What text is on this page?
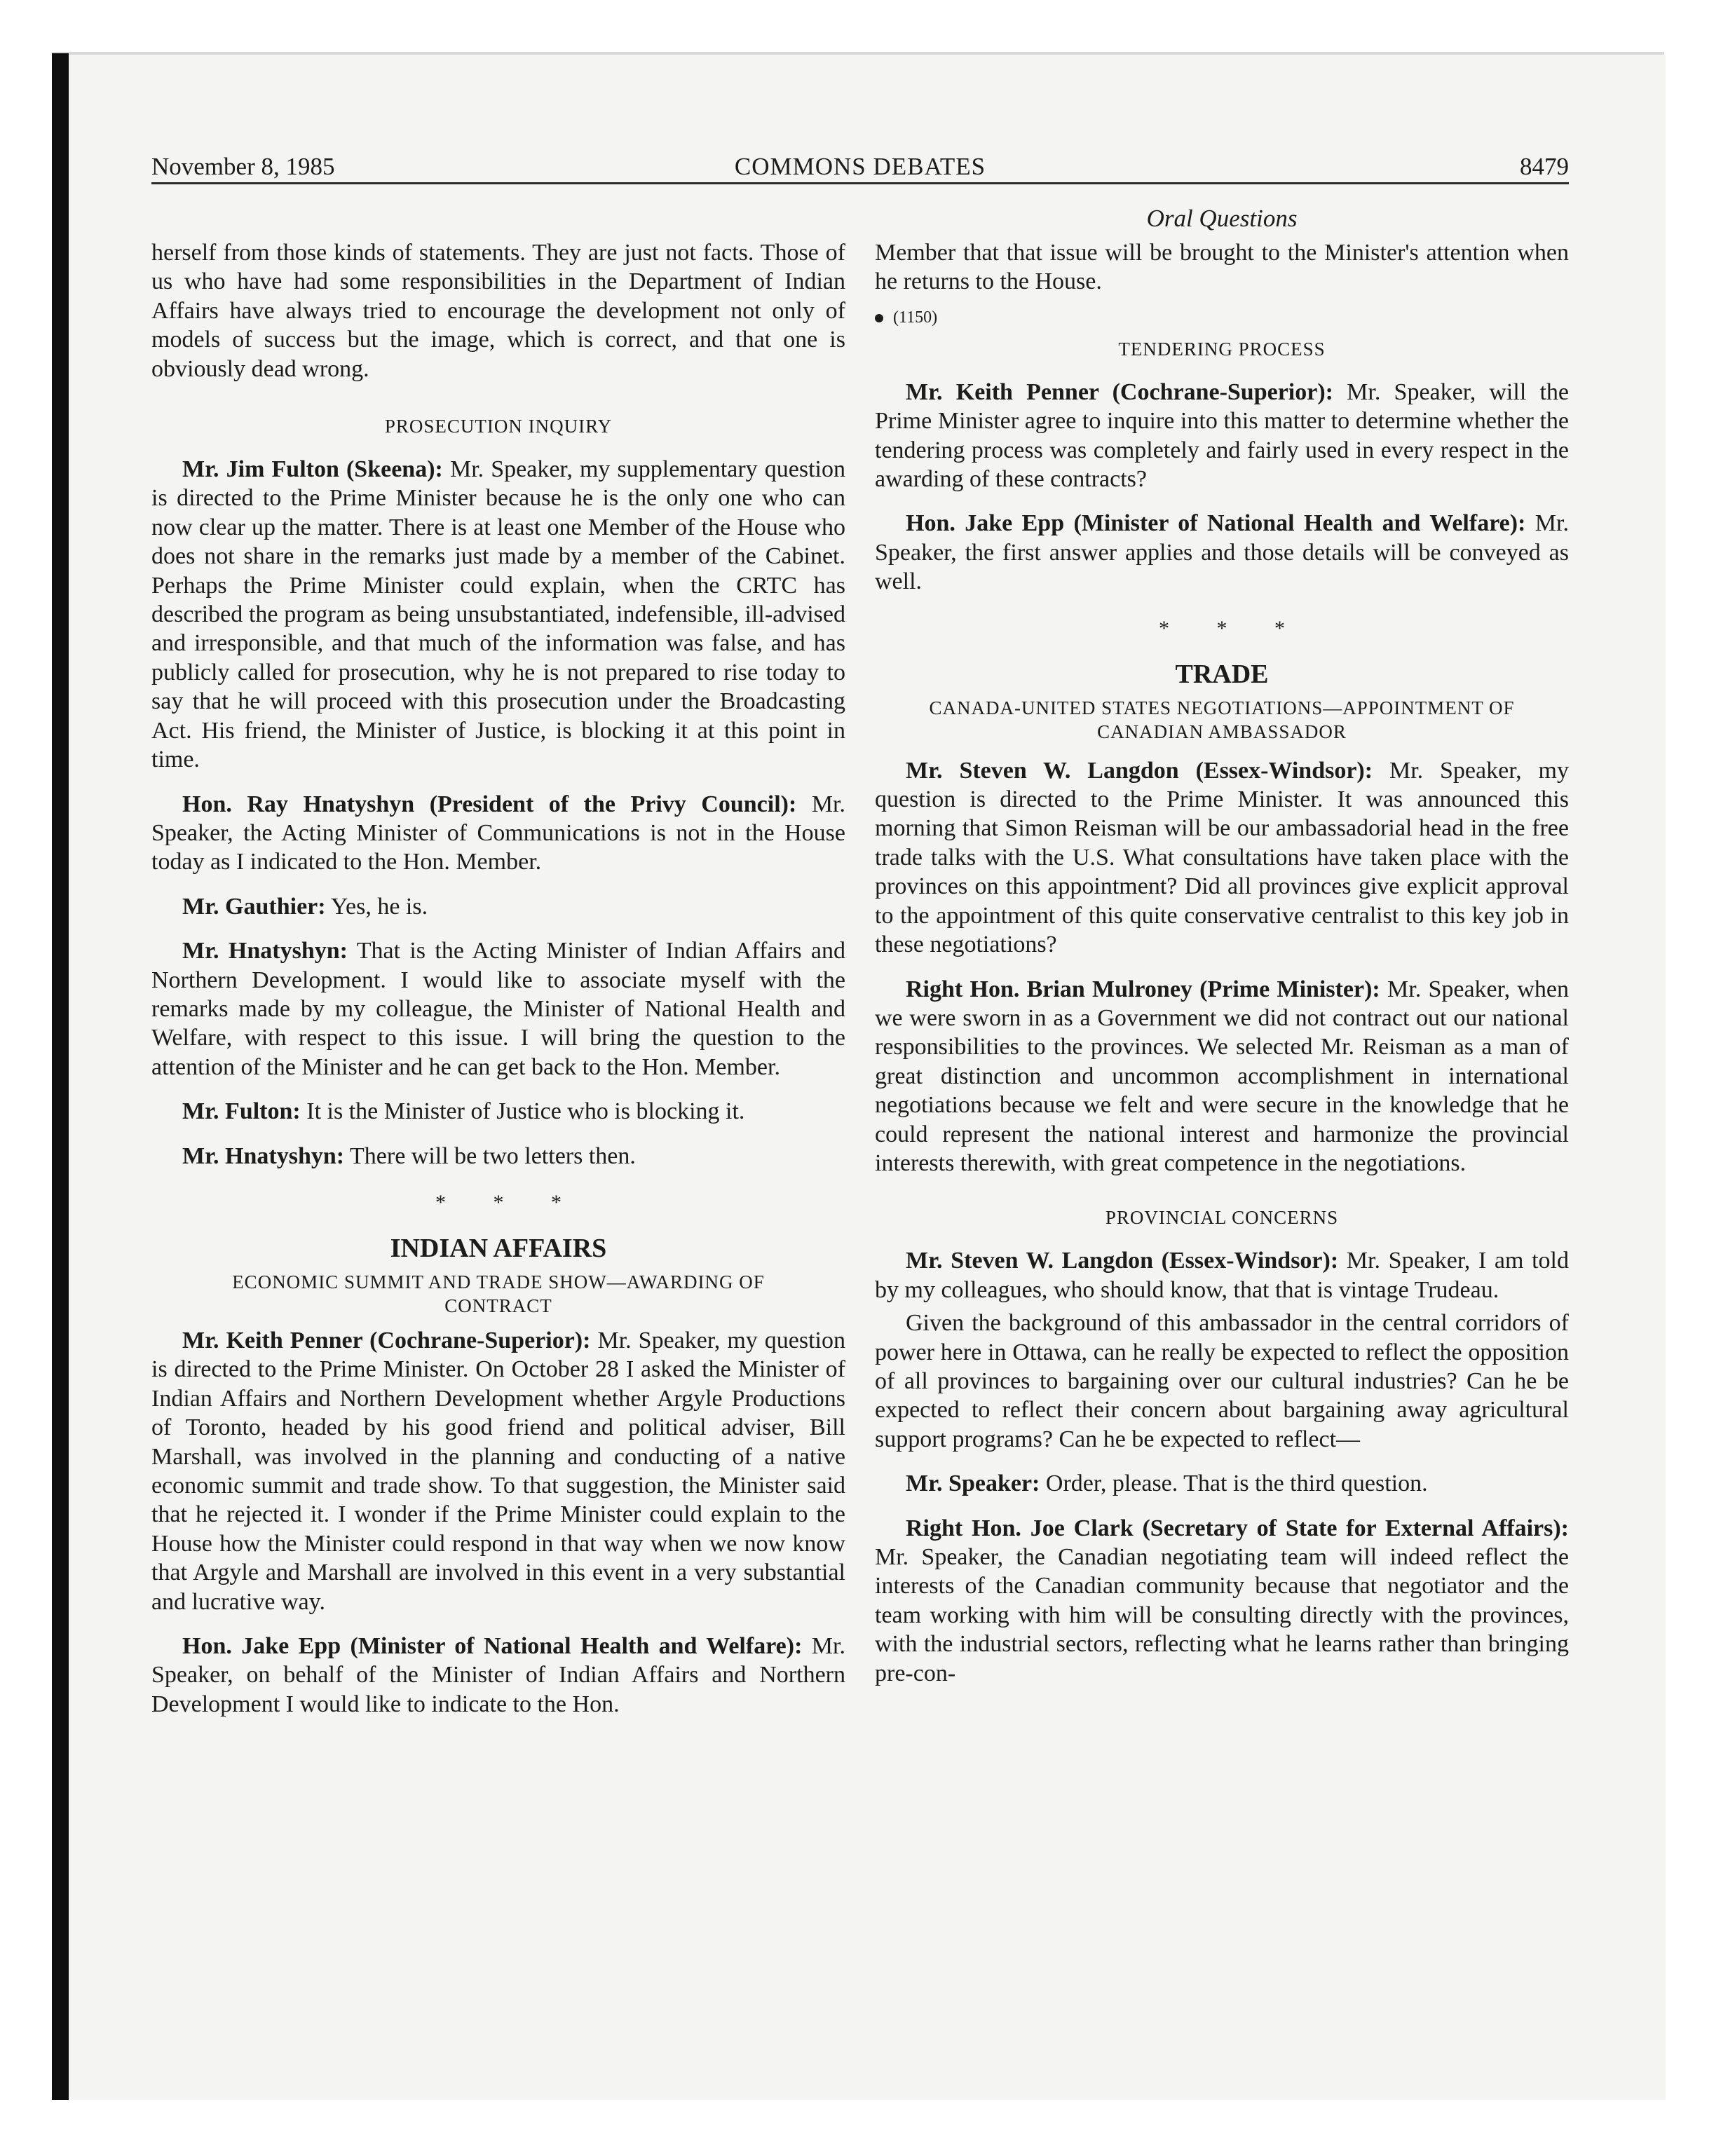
November 8, 1985	COMMONS DEBATES	8479

herself from those kinds of statements. They are just not facts. Those of us who have had some responsibilities in the Department of Indian Affairs have always tried to encourage the development not only of models of success but the image, which is correct, and that one is obviously dead wrong.

PROSECUTION INQUIRY

Mr. Jim Fulton (Skeena): Mr. Speaker, my supplementary question is directed to the Prime Minister because he is the only one who can now clear up the matter. There is at least one Member of the House who does not share in the remarks just made by a member of the Cabinet. Perhaps the Prime Minister could explain, when the CRTC has described the program as being unsubstantiated, indefensible, ill-advised and irresponsible, and that much of the information was false, and has publicly called for prosecution, why he is not prepared to rise today to say that he will proceed with this prosecution under the Broadcasting Act. His friend, the Minister of Justice, is blocking it at this point in time.

Hon. Ray Hnatyshyn (President of the Privy Council): Mr. Speaker, the Acting Minister of Communications is not in the House today as I indicated to the Hon. Member.

Mr. Gauthier: Yes, he is.

Mr. Hnatyshyn: That is the Acting Minister of Indian Affairs and Northern Development. I would like to associate myself with the remarks made by my colleague, the Minister of National Health and Welfare, with respect to this issue. I will bring the question to the attention of the Minister and he can get back to the Hon. Member.

Mr. Fulton: It is the Minister of Justice who is blocking it.

Mr. Hnatyshyn: There will be two letters then.

* * *
INDIAN AFFAIRS
ECONOMIC SUMMIT AND TRADE SHOW—AWARDING OF CONTRACT

Mr. Keith Penner (Cochrane-Superior): Mr. Speaker, my question is directed to the Prime Minister. On October 28 I asked the Minister of Indian Affairs and Northern Development whether Argyle Productions of Toronto, headed by his good friend and political adviser, Bill Marshall, was involved in the planning and conducting of a native economic summit and trade show. To that suggestion, the Minister said that he rejected it. I wonder if the Prime Minister could explain to the House how the Minister could respond in that way when we now know that Argyle and Marshall are involved in this event in a very substantial and lucrative way.

Hon. Jake Epp (Minister of National Health and Welfare): Mr. Speaker, on behalf of the Minister of Indian Affairs and Northern Development I would like to indicate to the Hon.

Oral Questions

Member that that issue will be brought to the Minister's attention when he returns to the House.

(1150)
TENDERING PROCESS

Mr. Keith Penner (Cochrane-Superior): Mr. Speaker, will the Prime Minister agree to inquire into this matter to determine whether the tendering process was completely and fairly used in every respect in the awarding of these contracts?

Hon. Jake Epp (Minister of National Health and Welfare): Mr. Speaker, the first answer applies and those details will be conveyed as well.

* * *
TRADE
CANADA-UNITED STATES NEGOTIATIONS—APPOINTMENT OF CANADIAN AMBASSADOR

Mr. Steven W. Langdon (Essex-Windsor): Mr. Speaker, my question is directed to the Prime Minister. It was announced this morning that Simon Reisman will be our ambassadorial head in the free trade talks with the U.S. What consultations have taken place with the provinces on this appointment? Did all provinces give explicit approval to the appointment of this quite conservative centralist to this key job in these negotiations?

Right Hon. Brian Mulroney (Prime Minister): Mr. Speaker, when we were sworn in as a Government we did not contract out our national responsibilities to the provinces. We selected Mr. Reisman as a man of great distinction and uncommon accomplishment in international negotiations because we felt and were secure in the knowledge that he could represent the national interest and harmonize the provincial interests therewith, with great competence in the negotiations.

PROVINCIAL CONCERNS

Mr. Steven W. Langdon (Essex-Windsor): Mr. Speaker, I am told by my colleagues, who should know, that that is vintage Trudeau.

Given the background of this ambassador in the central corridors of power here in Ottawa, can he really be expected to reflect the opposition of all provinces to bargaining over our cultural industries? Can he be expected to reflect their concern about bargaining away agricultural support programs? Can he be expected to reflect—

Mr. Speaker: Order, please. That is the third question.

Right Hon. Joe Clark (Secretary of State for External Affairs): Mr. Speaker, the Canadian negotiating team will indeed reflect the interests of the Canadian community because that negotiator and the team working with him will be consulting directly with the provinces, with the industrial sectors, reflecting what he learns rather than bringing pre-con-
